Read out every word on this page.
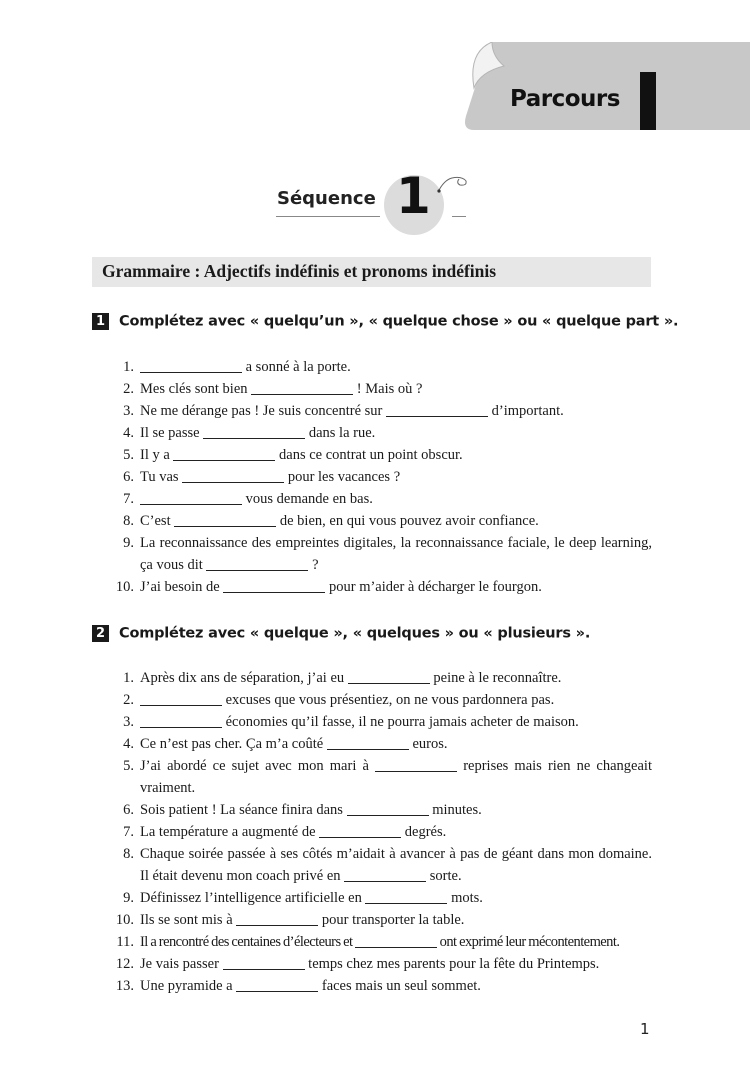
Parcours
Séquence 1
Grammaire : Adjectifs indéfinis et pronoms indéfinis
1 Complétez avec « quelqu’un », « quelque chose » ou « quelque part ».
1.	a sonné à la porte.
2. Mes clés sont bien	! Mais où ?
3. Ne me dérange pas ! Je suis concentré sur	d’important.
4. Il se passe	dans la rue.
5. Il y a	dans ce contrat un point obscur.
6. Tu vas	pour les vacances ?
7.	vous demande en bas.
8. C’est	de bien, en qui vous pouvez avoir confiance.
9. La reconnaissance des empreintes digitales, la reconnaissance faciale, le deep learning, ça vous dit	?
10. J’ai besoin de	pour m’aider à décharger le fourgon.
2 Complétez avec « quelque », « quelques » ou « plusieurs ».
1. Après dix ans de séparation, j’ai eu	peine à le reconnaître.
2.	excuses que vous présentiez, on ne vous pardonnera pas.
3.	économies qu’il fasse, il ne pourra jamais acheter de maison.
4. Ce n’est pas cher. Ça m’a coûté	euros.
5. J’ai abordé ce sujet avec mon mari à	reprises mais rien ne changeait vraiment.
6. Sois patient ! La séance finira dans	minutes.
7. La température a augmenté de	degrés.
8. Chaque soirée passée à ses côtés m’aidait à avancer à pas de géant dans mon domaine. Il était devenu mon coach privé en	sorte.
9. Définissez l’intelligence artificielle en	mots.
10. Ils se sont mis à	pour transporter la table.
11. Il a rencontré des centaines d’électeurs et	ont exprimé leur mécontentement.
12. Je vais passer	temps chez mes parents pour la fête du Printemps.
13. Une pyramide a	faces mais un seul sommet.
1
